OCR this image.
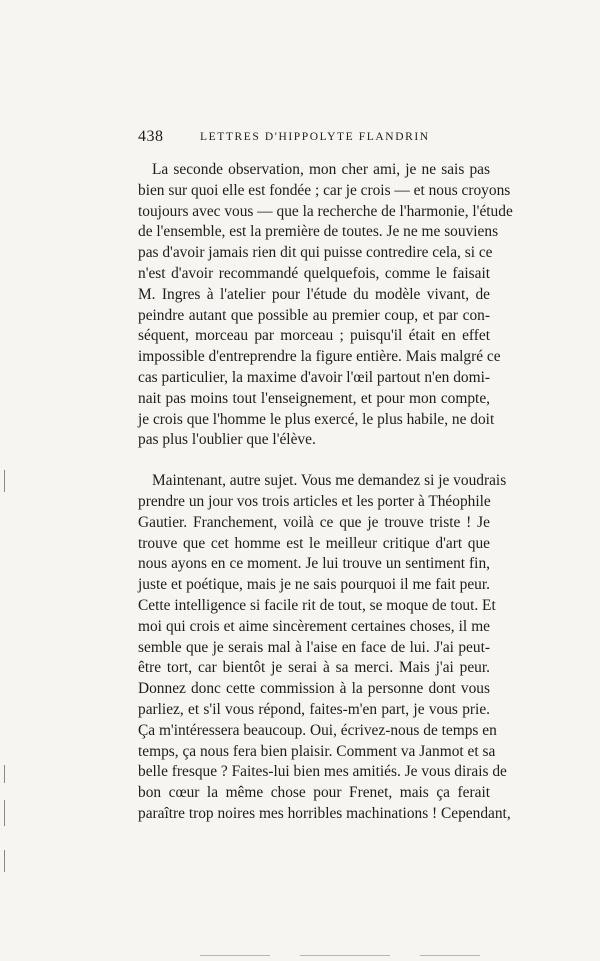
438	LETTRES D'HIPPOLYTE FLANDRIN

La seconde observation, mon cher ami, je ne sais pas
bien sur quoi elle est fondée ; car je crois — et nous croyons
toujours avec vous — que la recherche de l'harmonie, l'étude
de l'ensemble, est la première de toutes. Je ne me souviens
pas d'avoir jamais rien dit qui puisse contredire cela, si ce
n'est d'avoir recommandé quelquefois, comme le faisait
M. Ingres à l'atelier pour l'étude du modèle vivant, de
peindre autant que possible au premier coup, et par con-
séquent, morceau par morceau ; puisqu'il était en effet
impossible d'entreprendre la figure entière. Mais malgré ce
cas particulier, la maxime d'avoir l'œil partout n'en domi-
nait pas moins tout l'enseignement, et pour mon compte,
je crois que l'homme le plus exercé, le plus habile, ne doit
pas plus l'oublier que l'élève.

Maintenant, autre sujet. Vous me demandez si je voudrais
prendre un jour vos trois articles et les porter à Théophile
Gautier. Franchement, voilà ce que je trouve triste ! Je
trouve que cet homme est le meilleur critique d'art que
nous ayons en ce moment. Je lui trouve un sentiment fin,
juste et poétique, mais je ne sais pourquoi il me fait peur.
Cette intelligence si facile rit de tout, se moque de tout. Et
moi qui crois et aime sincèrement certaines choses, il me
semble que je serais mal à l'aise en face de lui. J'ai peut-
être tort, car bientôt je serai à sa merci. Mais j'ai peur.
Donnez donc cette commission à la personne dont vous
parliez, et s'il vous répond, faites-m'en part, je vous prie.
Ça m'intéressera beaucoup. Oui, écrivez-nous de temps en
temps, ça nous fera bien plaisir. Comment va Janmot et sa
belle fresque ? Faites-lui bien mes amitiés. Je vous dirais de
bon cœur la même chose pour Frenet, mais ça ferait
paraître trop noires mes horribles machinations ! Cependant,
